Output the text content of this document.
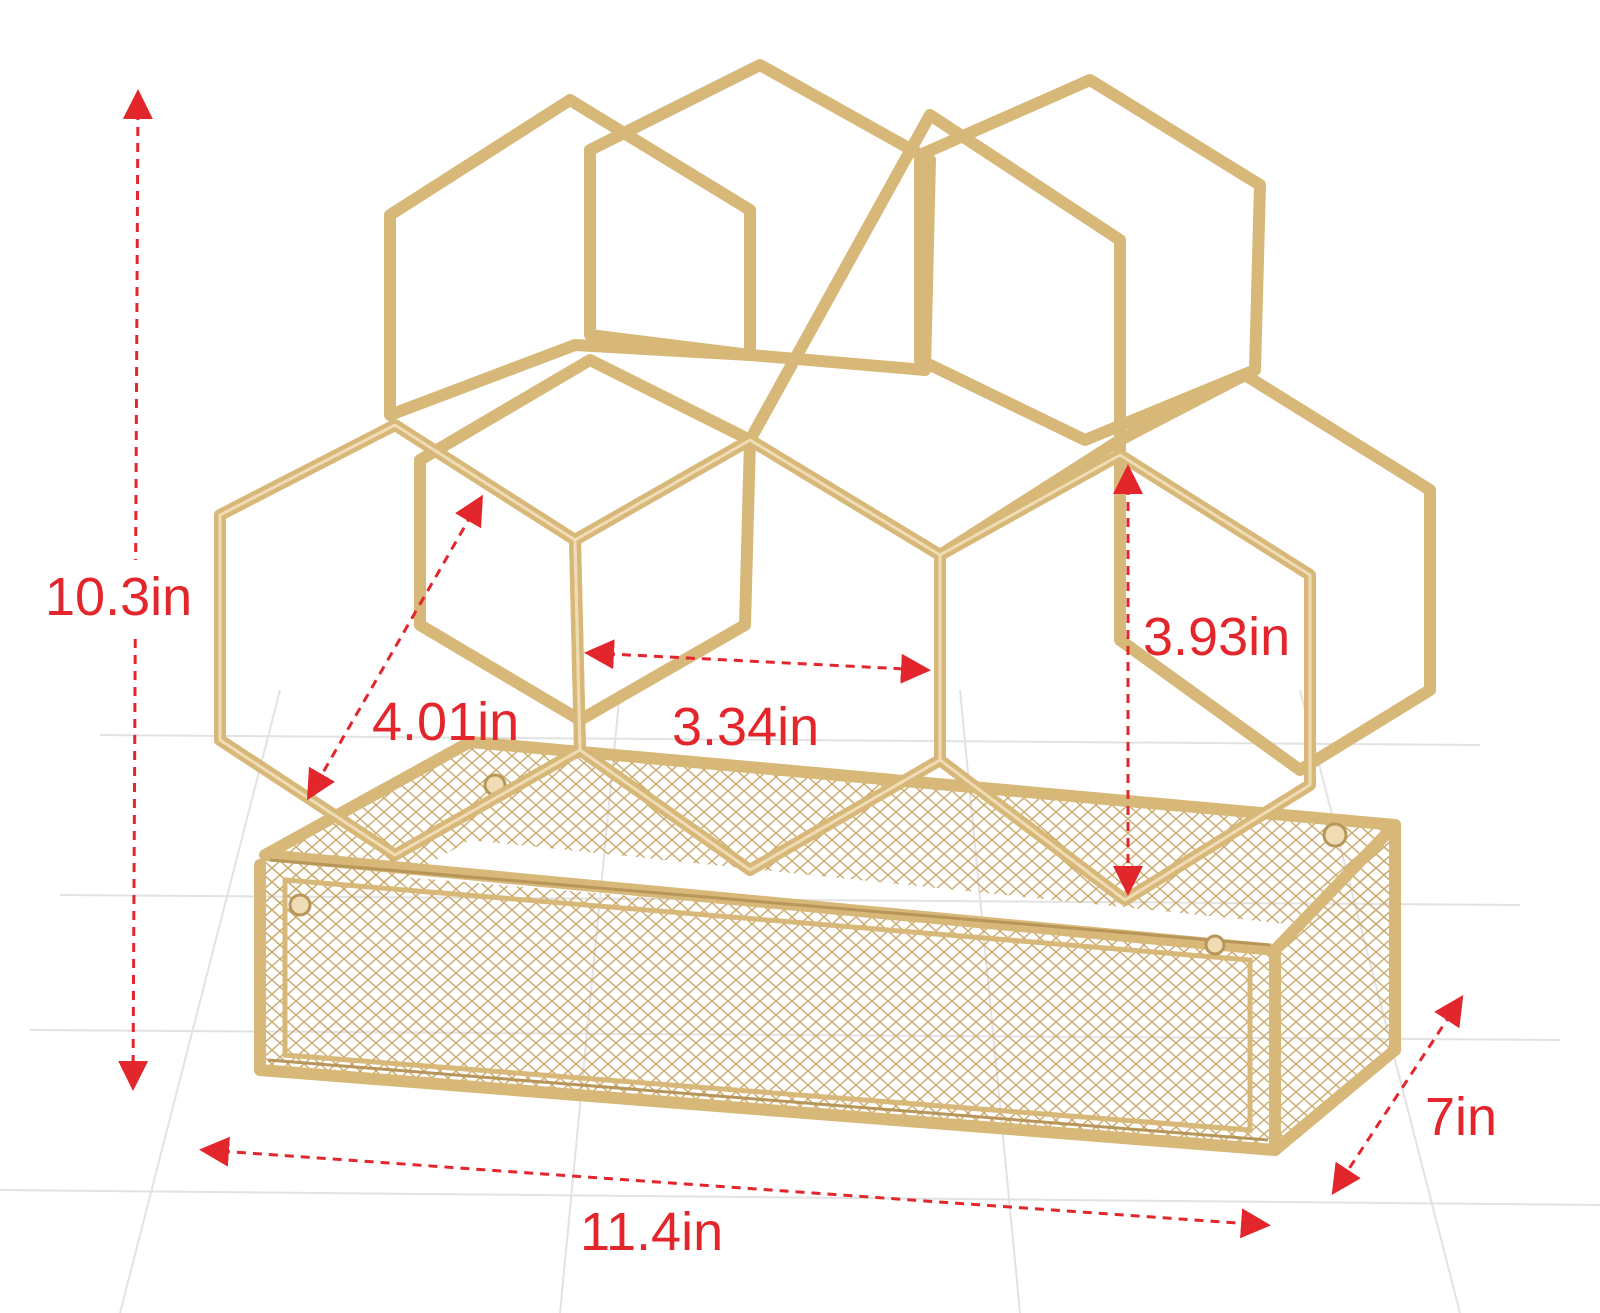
10.3in
11.4in
7in
4.01in	3.34in
3.93in
